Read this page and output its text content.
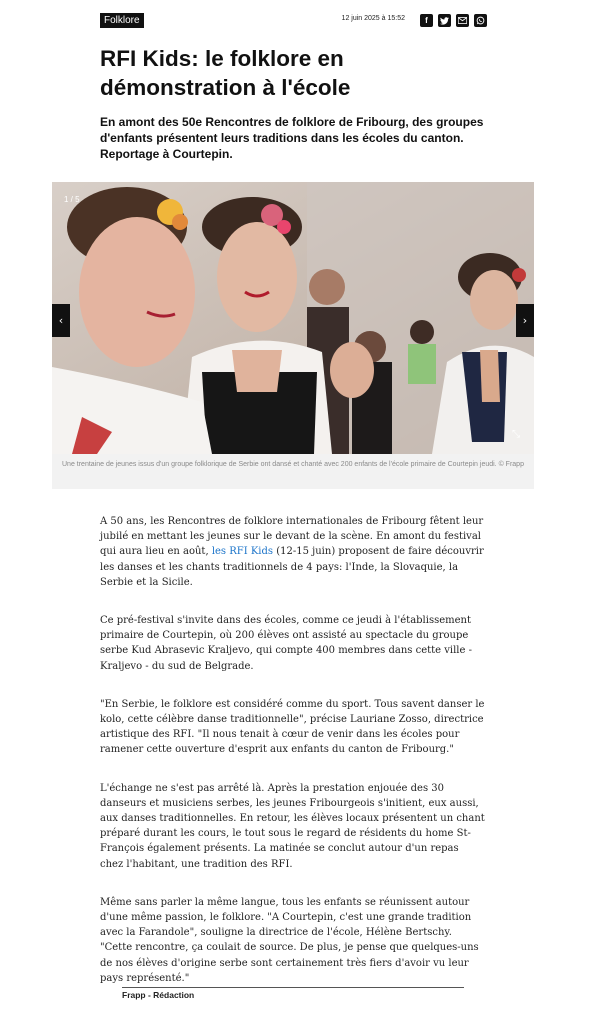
Folklore	12 juin 2025 à 15:52	f
RFI Kids: le folklore en démonstration à l'école

En amont des 50e Rencontres de folklore de Fribourg, des groupes d'enfants présentent leurs traditions dans les écoles du canton. Reportage à Courtepin.

1 / 5
‹	›
⤡
Une trentaine de jeunes issus d'un groupe folklorique de Serbie ont dansé et chanté avec 200 enfants de l'école primaire de Courtepin jeudi. © Frapp

A 50 ans, les Rencontres de folklore internationales de Fribourg fêtent leur jubilé en mettant les jeunes sur le devant de la scène. En amont du festival qui aura lieu en août, les RFI Kids (12-15 juin) proposent de faire découvrir les danses et les chants traditionnels de 4 pays: l'Inde, la Slovaquie, la Serbie et la Sicile.

Ce pré-festival s'invite dans des écoles, comme ce jeudi à l'établissement primaire de Courtepin, où 200 élèves ont assisté au spectacle du groupe serbe Kud Abrasevic Kraljevo, qui compte 400 membres dans cette ville - Kraljevo - du sud de Belgrade.

"En Serbie, le folklore est considéré comme du sport. Tous savent danser le kolo, cette célèbre danse traditionnelle", précise Lauriane Zosso, directrice artistique des RFI. "Il nous tenait à cœur de venir dans les écoles pour ramener cette ouverture d'esprit aux enfants du canton de Fribourg."

L'échange ne s'est pas arrêté là. Après la prestation enjouée des 30 danseurs et musiciens serbes, les jeunes Fribourgeois s'initient, eux aussi, aux danses traditionnelles. En retour, les élèves locaux présentent un chant préparé durant les cours, le tout sous le regard de résidents du home St-François également présents. La matinée se conclut autour d'un repas chez l'habitant, une tradition des RFI.

Même sans parler la même langue, tous les enfants se réunissent autour d'une même passion, le folklore. "A Courtepin, c'est une grande tradition avec la Farandole", souligne la directrice de l'école, Hélène Bertschy. "Cette rencontre, ça coulait de source. De plus, je pense que quelques-uns de nos élèves d'origine serbe sont certainement très fiers d'avoir vu leur pays représenté."

Frapp - Rédaction
